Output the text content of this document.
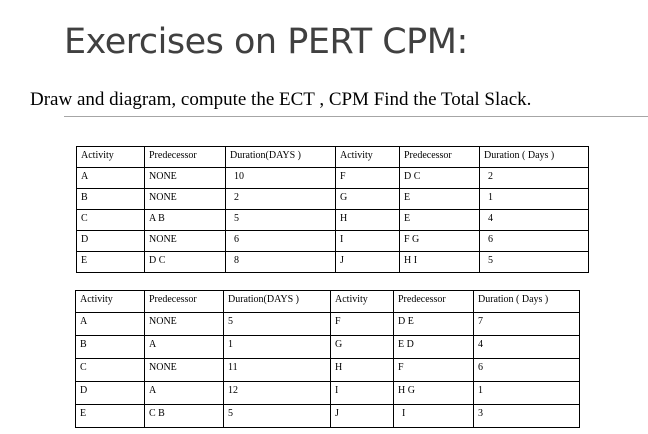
Exercises on PERT CPM:
Draw and diagram, compute the ECT , CPM Find the Total Slack.
Activity	Predecessor	Duration(DAYS )	Activity	Predecessor	Duration ( Days )
A	NONE	10	F	D C	2
B	NONE	2	G	E	1
C	A B	5	H	E	4
D	NONE	6	I	F G	6
E	D C	8	J	H I	5
Activity	Predecessor	Duration(DAYS )	Activity	Predecessor	Duration ( Days )
A	NONE	5	F	D E	7
B	A	1	G	E D	4
C	NONE	11	H	F	6
D	A	12	I	H G	1
E	C B	5	J	I	3
